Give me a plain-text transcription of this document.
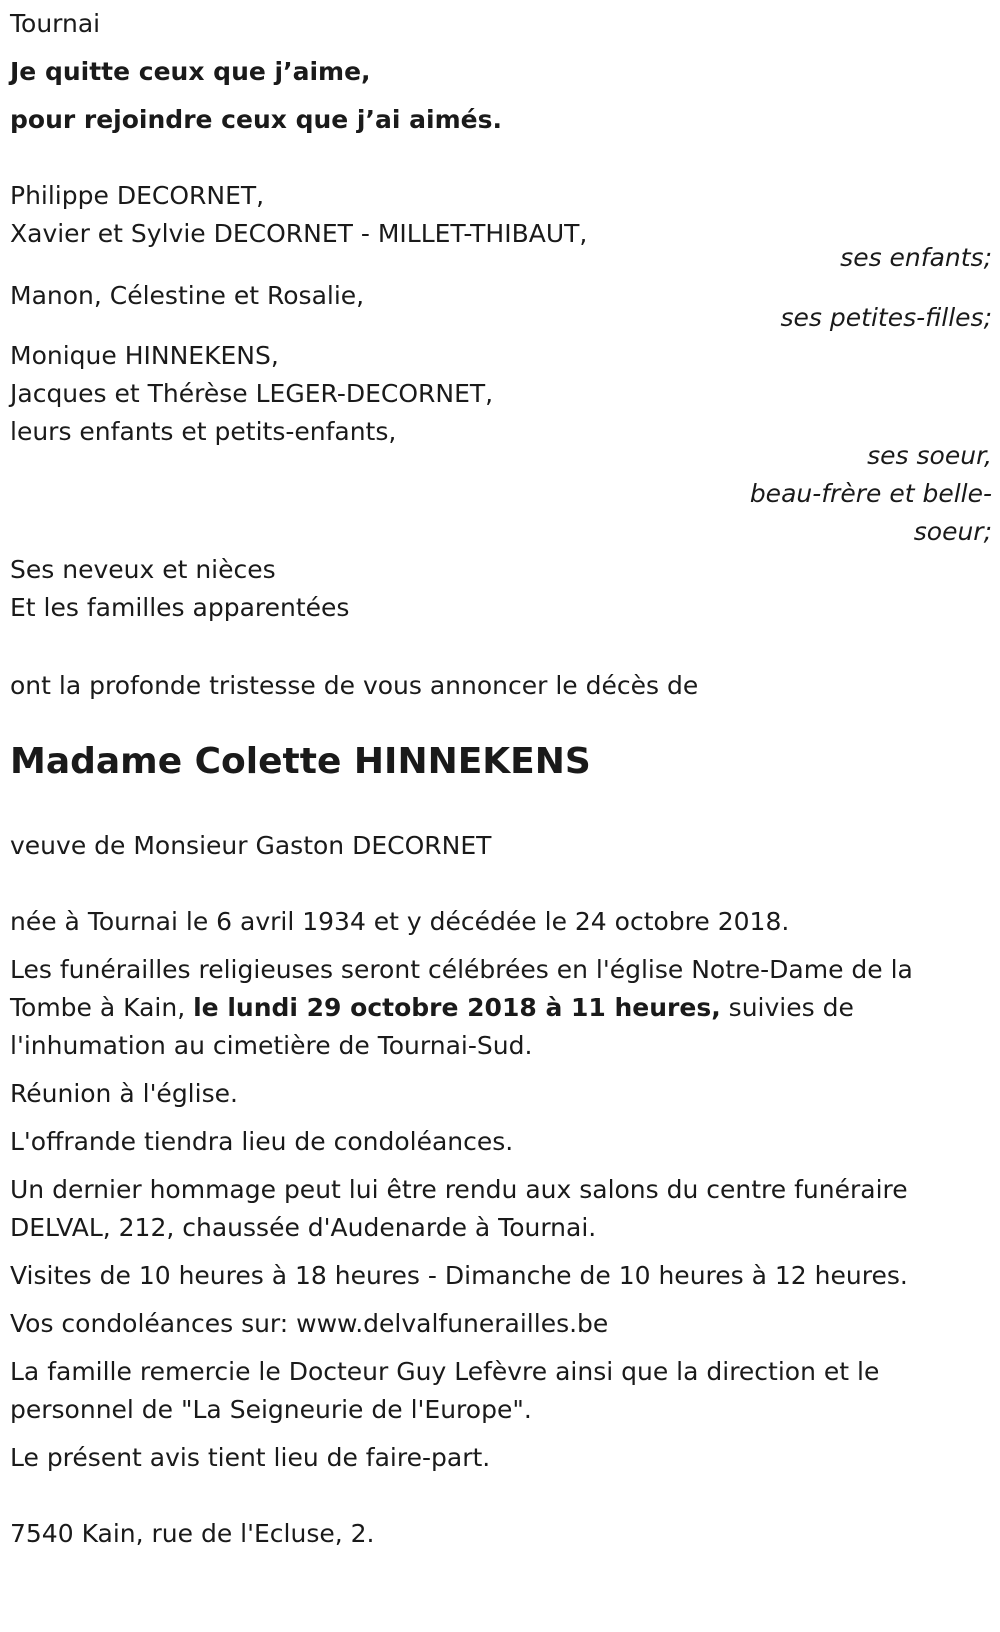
Tournai
Je quitte ceux que j’aime,
pour rejoindre ceux que j’ai aimés.
Philippe DECORNET,
Xavier et Sylvie DECORNET - MILLET-THIBAUT,
ses enfants;
Manon, Célestine et Rosalie,
ses petites-filles;
Monique HINNEKENS,
Jacques et Thérèse LEGER-DECORNET,
leurs enfants et petits-enfants,
ses soeur,
beau-frère et belle-
soeur;
Ses neveux et nièces
Et les familles apparentées
ont la profonde tristesse de vous annoncer le décès de
Madame Colette HINNEKENS
veuve de Monsieur Gaston DECORNET
née à Tournai le 6 avril 1934 et y décédée le 24 octobre 2018.
Les funérailles religieuses seront célébrées en l'église Notre-Dame de la
Tombe à Kain, le lundi 29 octobre 2018 à 11 heures, suivies de
l'inhumation au cimetière de Tournai-Sud.
Réunion à l'église.
L'offrande tiendra lieu de condoléances.
Un dernier hommage peut lui être rendu aux salons du centre funéraire
DELVAL, 212, chaussée d'Audenarde à Tournai.
Visites de 10 heures à 18 heures - Dimanche de 10 heures à 12 heures.
Vos condoléances sur: www.delvalfunerailles.be
La famille remercie le Docteur Guy Lefèvre ainsi que la direction et le
personnel de "La Seigneurie de l'Europe".
Le présent avis tient lieu de faire-part.
7540 Kain, rue de l'Ecluse, 2.
